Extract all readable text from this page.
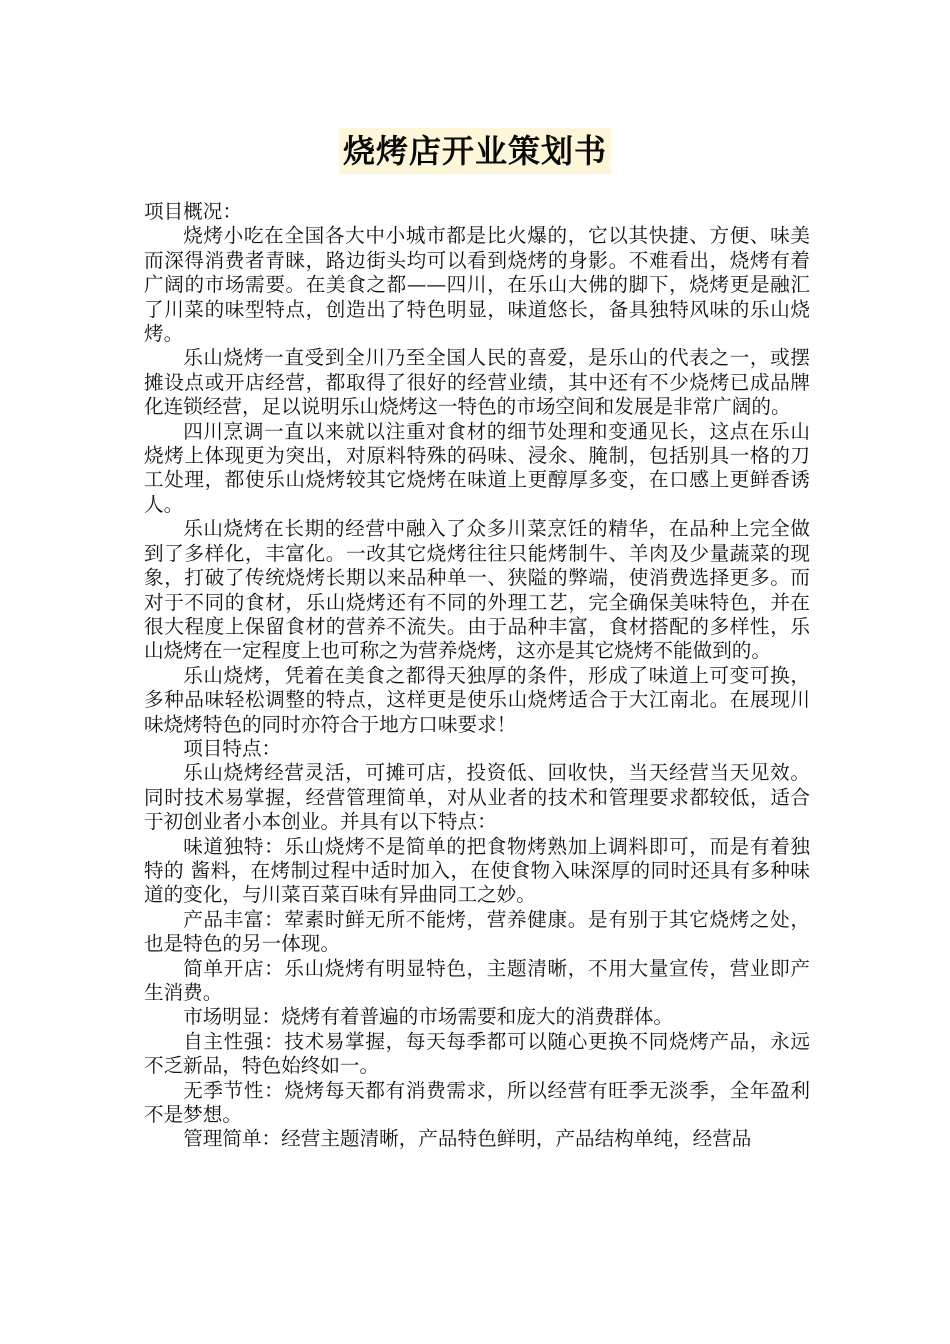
烧烤店开业策划书

项目概况：

烧烤小吃在全国各大中小城市都是比火爆的，它以其快捷、方便、味美而深得消费者青睐，路边街头均可以看到烧烤的身影。不难看出，烧烤有着广阔的市场需要。在美食之都——四川，在乐山大佛的脚下，烧烤更是融汇了川菜的味型特点，创造出了特色明显，味道悠长，备具独特风味的乐山烧烤。

乐山烧烤一直受到全川乃至全国人民的喜爱，是乐山的代表之一，或摆摊设点或开店经营，都取得了很好的经营业绩，其中还有不少烧烤已成品牌化连锁经营，足以说明乐山烧烤这一特色的市场空间和发展是非常广阔的。

四川烹调一直以来就以注重对食材的细节处理和变通见长，这点在乐山烧烤上体现更为突出，对原料特殊的码味、浸氽、腌制，包括别具一格的刀工处理，都使乐山烧烤较其它烧烤在味道上更醇厚多变，在口感上更鲜香诱人。

乐山烧烤在长期的经营中融入了众多川菜烹饪的精华，在品种上完全做到了多样化，丰富化。一改其它烧烤往往只能烤制牛、羊肉及少量蔬菜的现象，打破了传统烧烤长期以来品种单一、狭隘的弊端，使消费选择更多。而对于不同的食材，乐山烧烤还有不同的外理工艺，完全确保美味特色，并在很大程度上保留食材的营养不流失。由于品种丰富，食材搭配的多样性，乐山烧烤在一定程度上也可称之为营养烧烤，这亦是其它烧烤不能做到的。

乐山烧烤，凭着在美食之都得天独厚的条件，形成了味道上可变可换，多种品味轻松调整的特点，这样更是使乐山烧烤适合于大江南北。在展现川味烧烤特色的同时亦符合于地方口味要求！

项目特点：

乐山烧烤经营灵活，可摊可店，投资低、回收快，当天经营当天见效。同时技术易掌握，经营管理简单，对从业者的技术和管理要求都较低，适合于初创业者小本创业。并具有以下特点：

味道独特：乐山烧烤不是简单的把食物烤熟加上调料即可，而是有着独特的 酱料，在烤制过程中适时加入，在使食物入味深厚的同时还具有多种味 道的变化，与川菜百菜百味有异曲同工之妙。

产品丰富：荤素时鲜无所不能烤，营养健康。是有别于其它烧烤之处，也是特色的另一体现。

简单开店：乐山烧烤有明显特色，主题清晰，不用大量宣传，营业即产生消费。

市场明显：烧烤有着普遍的市场需要和庞大的消费群体。

自主性强：技术易掌握，每天每季都可以随心更换不同烧烤产品，永远不乏新品，特色始终如一。

无季节性：烧烤每天都有消费需求，所以经营有旺季无淡季，全年盈利不是梦想。

管理简单：经营主题清晰，产品特色鲜明，产品结构单纯，经营品
